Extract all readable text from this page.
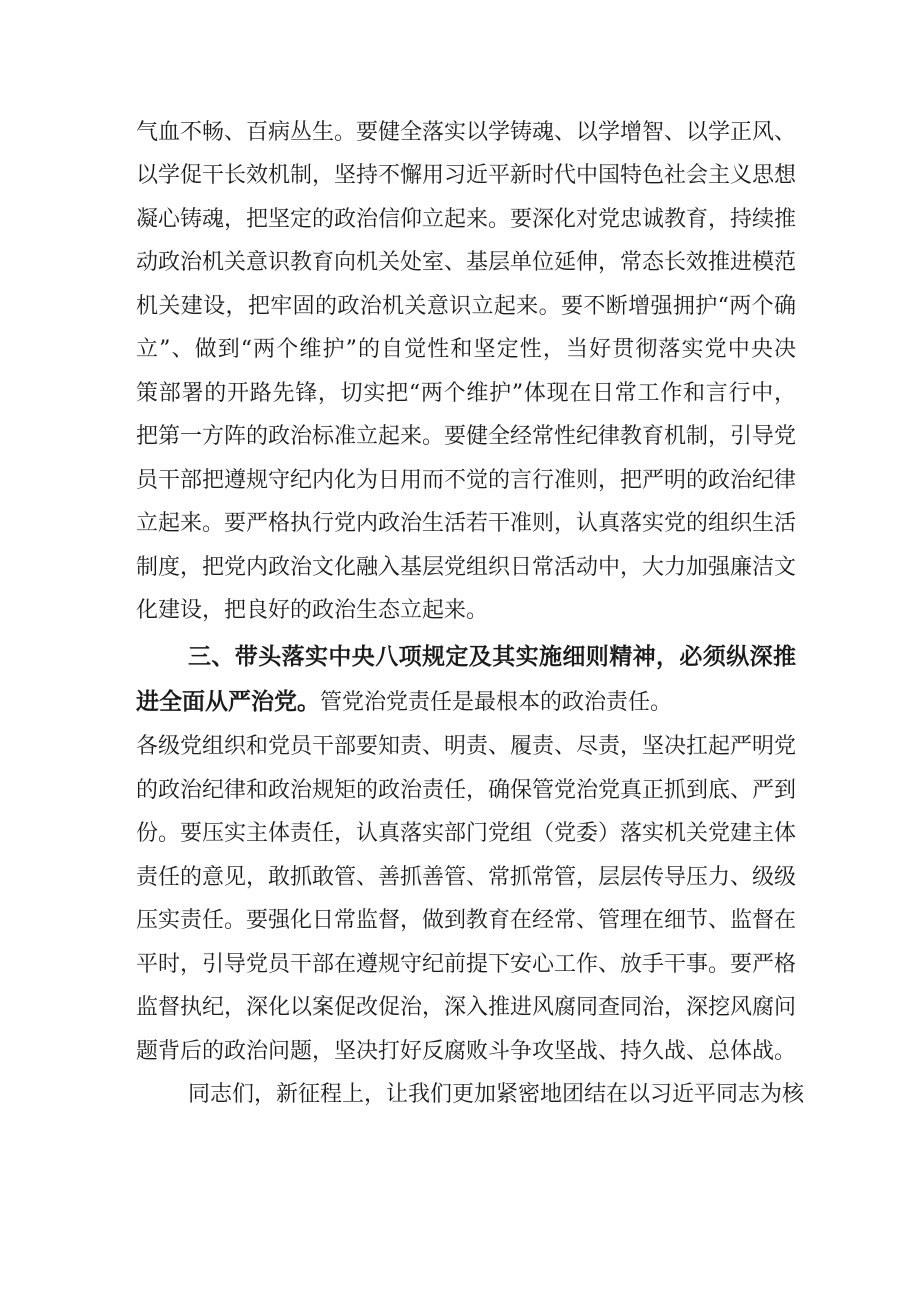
气血不畅、百病丛生。要健全落实以学铸魂、以学增智、以学正风、
以学促干长效机制，坚持不懈用习近平新时代中国特色社会主义思想
凝心铸魂，把坚定的政治信仰立起来。要深化对党忠诚教育，持续推
动政治机关意识教育向机关处室、基层单位延伸，常态长效推进模范
机关建设，把牢固的政治机关意识立起来。要不断增强拥护“两个确
立”、做到“两个维护”的自觉性和坚定性，当好贯彻落实党中央决
策部署的开路先锋，切实把“两个维护”体现在日常工作和言行中，
把第一方阵的政治标准立起来。要健全经常性纪律教育机制，引导党
员干部把遵规守纪内化为日用而不觉的言行准则，把严明的政治纪律
立起来。要严格执行党内政治生活若干准则，认真落实党的组织生活
制度，把党内政治文化融入基层党组织日常活动中，大力加强廉洁文
化建设，把良好的政治生态立起来。
三、带头落实中央八项规定及其实施细则精神，必须纵深推
进全面从严治党。管党治党责任是最根本的政治责任。
各级党组织和党员干部要知责、明责、履责、尽责，坚决扛起严明党
的政治纪律和政治规矩的政治责任，确保管党治党真正抓到底、严到
份。要压实主体责任，认真落实部门党组（党委）落实机关党建主体
责任的意见，敢抓敢管、善抓善管、常抓常管，层层传导压力、级级
压实责任。要强化日常监督，做到教育在经常、管理在细节、监督在
平时，引导党员干部在遵规守纪前提下安心工作、放手干事。要严格
监督执纪，深化以案促改促治，深入推进风腐同查同治，深挖风腐问
题背后的政治问题，坚决打好反腐败斗争攻坚战、持久战、总体战。
同志们，新征程上，让我们更加紧密地团结在以习近平同志为核
